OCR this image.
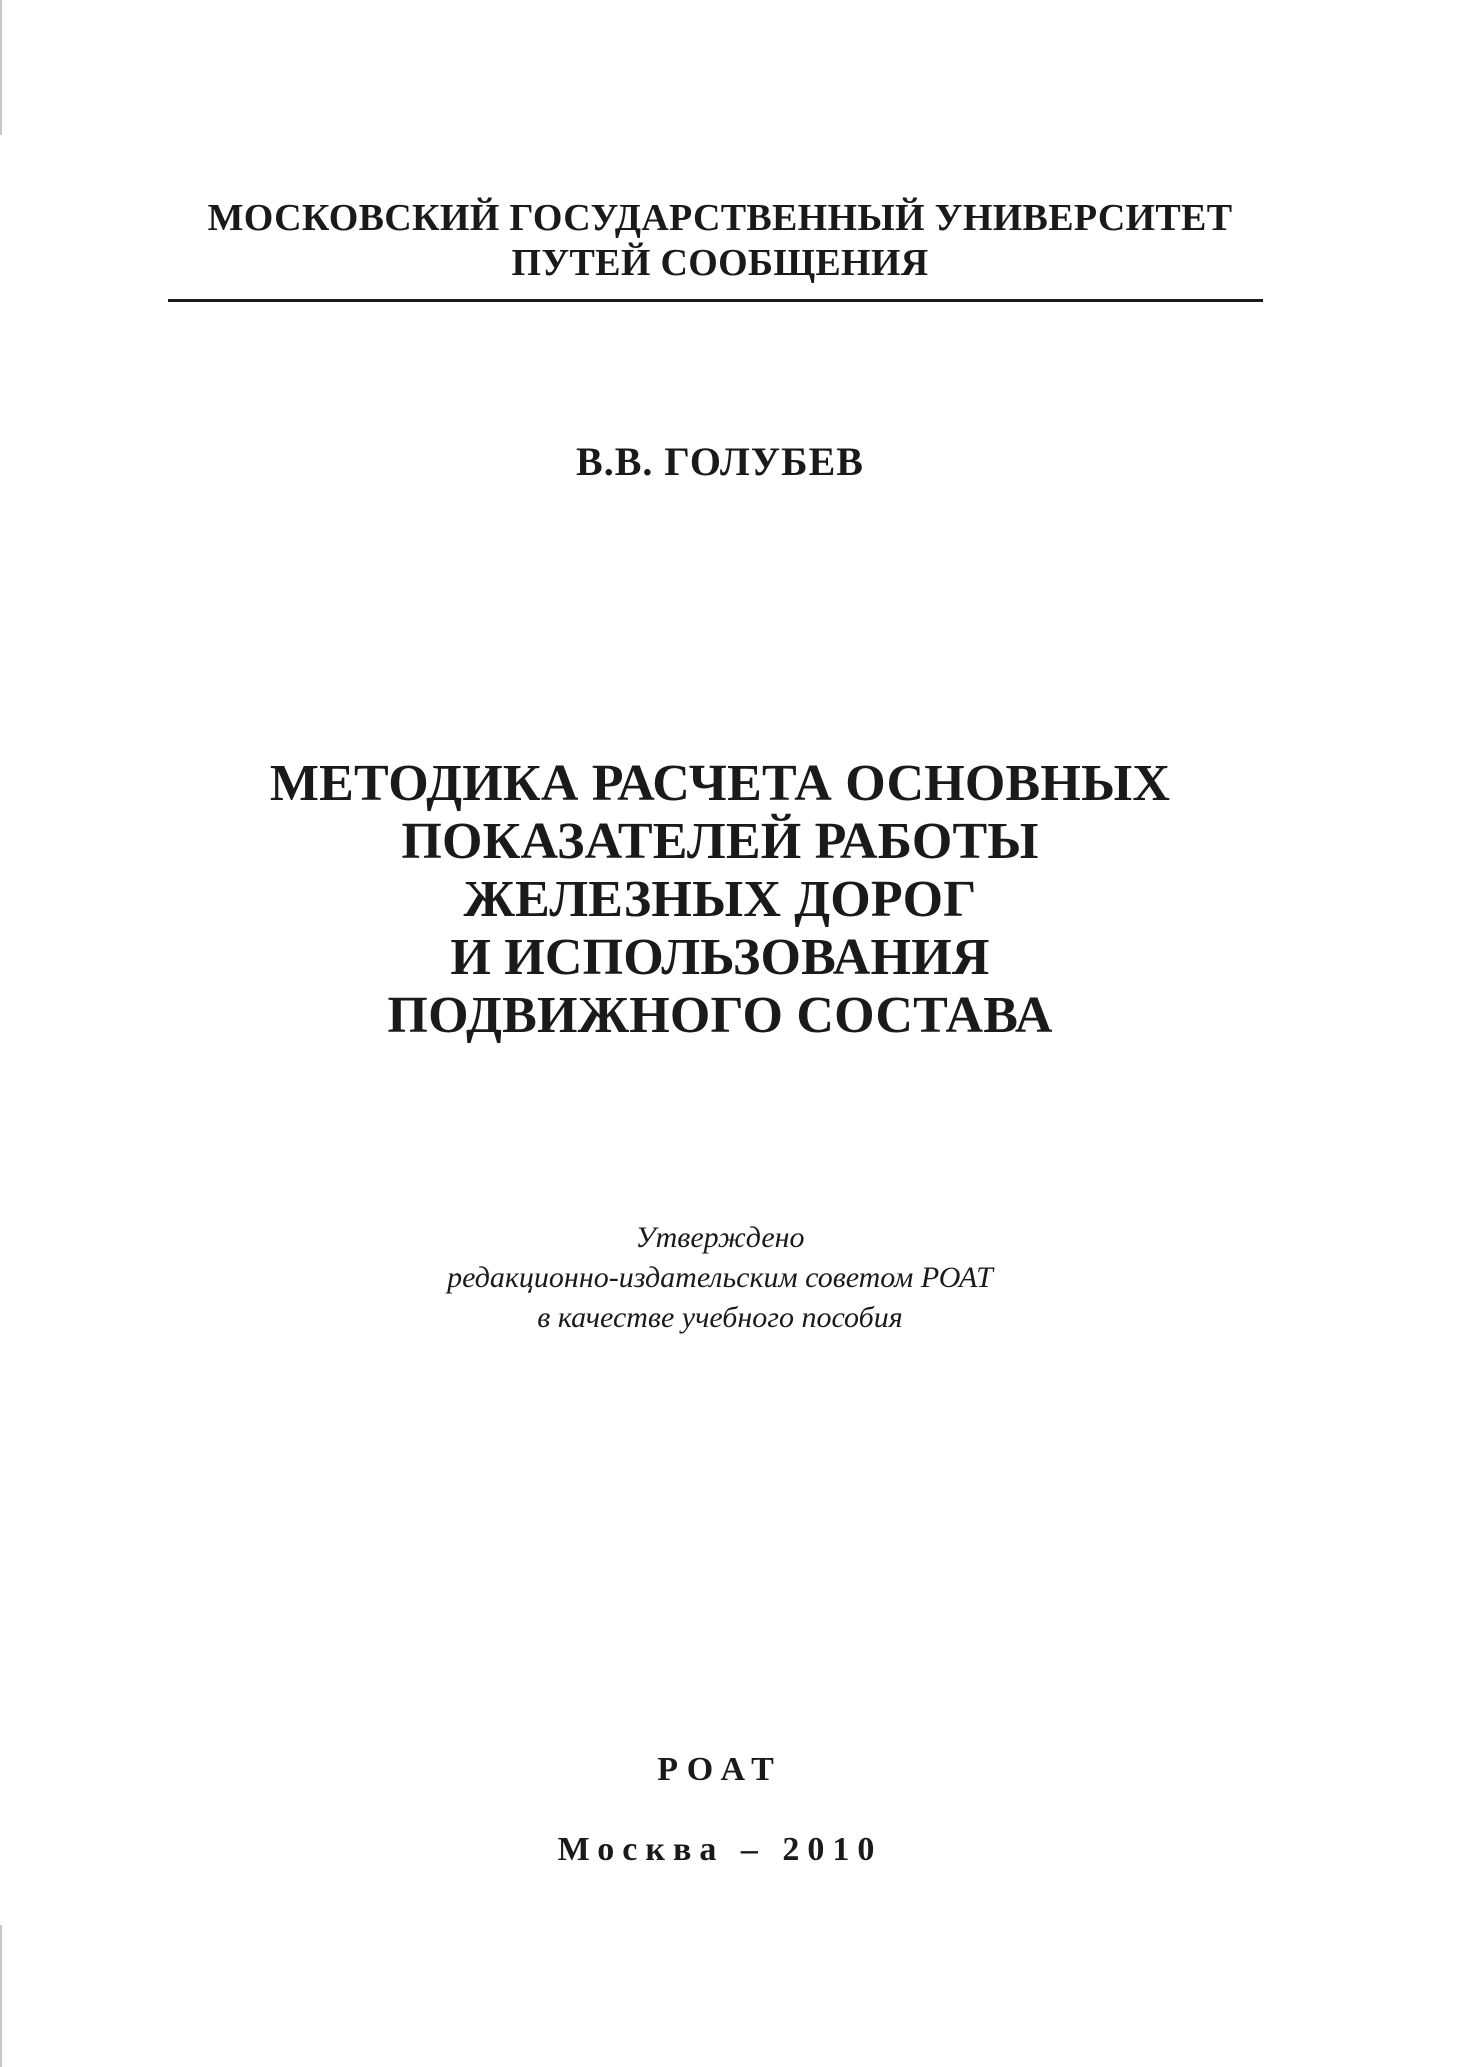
МОСКОВСКИЙ ГОСУДАРСТВЕННЫЙ УНИВЕРСИТЕТ
ПУТЕЙ СООБЩЕНИЯ
В.В. ГОЛУБЕВ
МЕТОДИКА РАСЧЕТА ОСНОВНЫХ
ПОКАЗАТЕЛЕЙ РАБОТЫ
ЖЕЛЕЗНЫХ ДОРОГ
И ИСПОЛЬЗОВАНИЯ
ПОДВИЖНОГО СОСТАВА
Утверждено
редакционно-издательским советом РОАТ
в качестве учебного пособия
РОАТ
Москва – 2010
